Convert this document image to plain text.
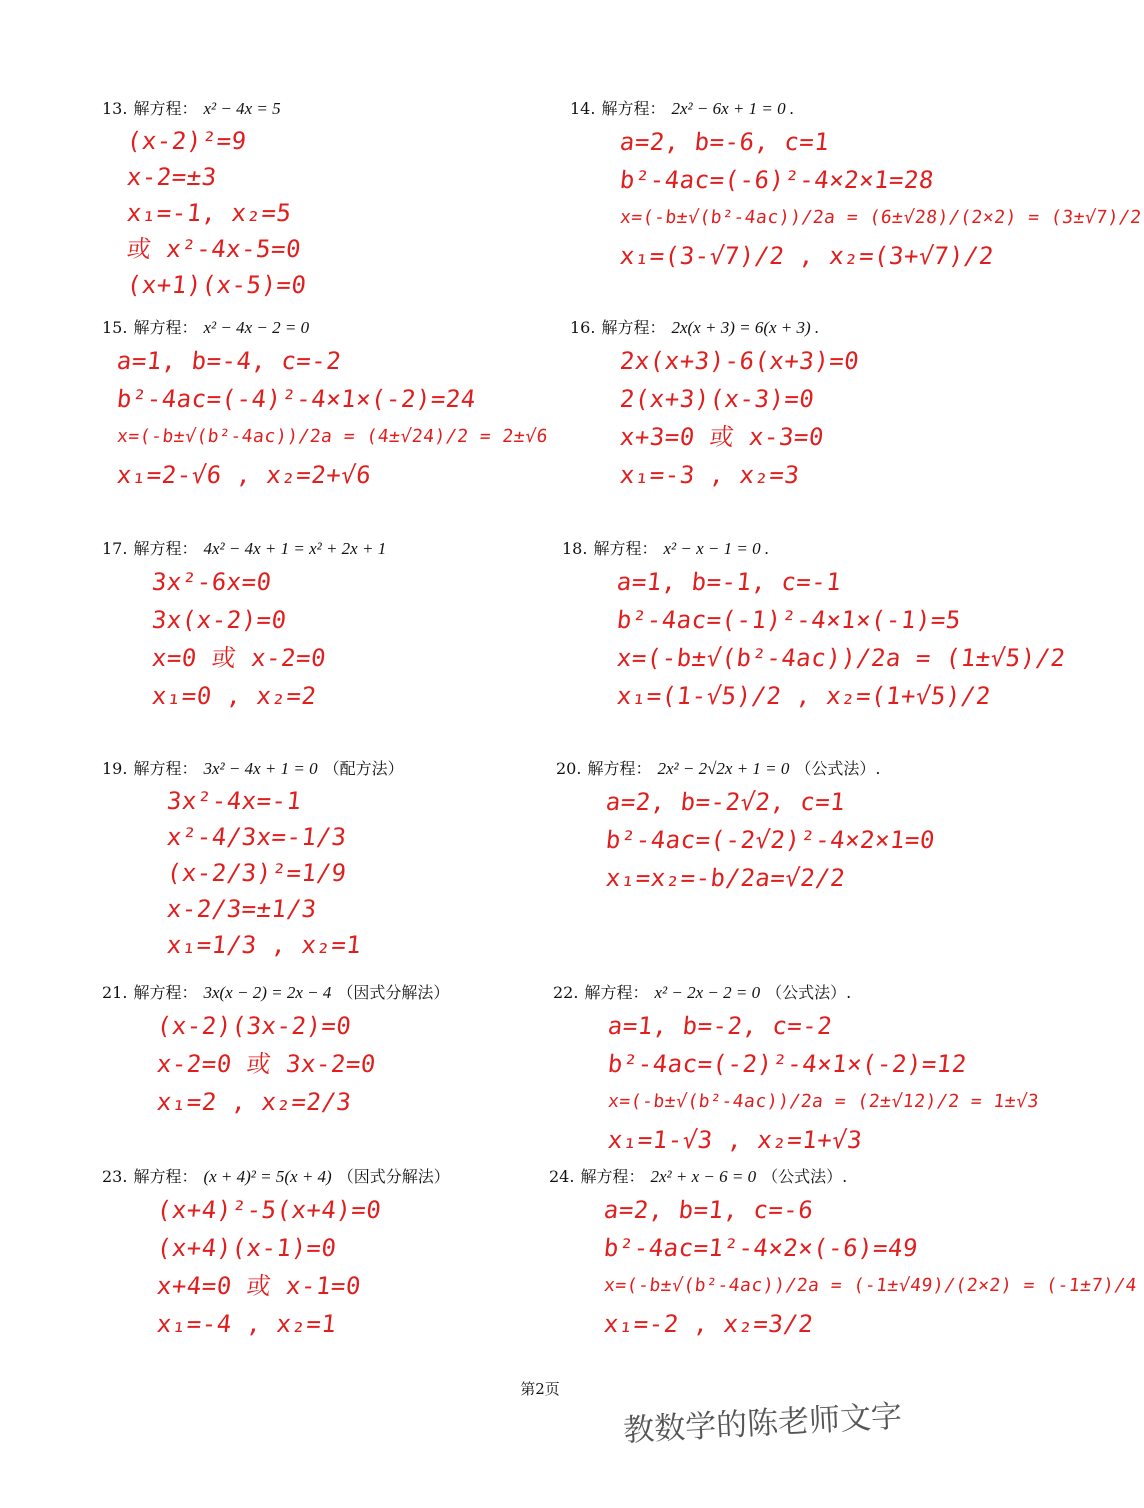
13. 解方程： x² − 4x = 5
(x-2)²=9
x-2=±3
x₁=-1, x₂=5
或 x²-4x-5=0
(x+1)(x-5)=0
14. 解方程： 2x² − 6x + 1 = 0 .
a=2, b=-6, c=1
b²-4ac=(-6)²-4×2×1=28
x=(-b±√(b²-4ac))/2a = (6±√28)/(2×2) = (3±√7)/2
x₁=(3-√7)/2 , x₂=(3+√7)/2
15. 解方程： x² − 4x − 2 = 0
a=1, b=-4, c=-2
b²-4ac=(-4)²-4×1×(-2)=24
x=(-b±√(b²-4ac))/2a = (4±√24)/2 = 2±√6
x₁=2-√6 , x₂=2+√6
16. 解方程： 2x(x + 3) = 6(x + 3) .
2x(x+3)-6(x+3)=0
2(x+3)(x-3)=0
x+3=0 或 x-3=0
x₁=-3 , x₂=3
17. 解方程： 4x² − 4x + 1 = x² + 2x + 1
3x²-6x=0
3x(x-2)=0
x=0 或 x-2=0
x₁=0 , x₂=2
18. 解方程： x² − x − 1 = 0 .
a=1, b=-1, c=-1
b²-4ac=(-1)²-4×1×(-1)=5
x=(-b±√(b²-4ac))/2a = (1±√5)/2
x₁=(1-√5)/2 , x₂=(1+√5)/2
19. 解方程： 3x² − 4x + 1 = 0 （配方法）
3x²-4x=-1
x²-4/3x=-1/3
(x-2/3)²=1/9
x-2/3=±1/3
x₁=1/3 , x₂=1
20. 解方程： 2x² − 2√2x + 1 = 0 （公式法）.
a=2, b=-2√2, c=1
b²-4ac=(-2√2)²-4×2×1=0
x₁=x₂=-b/2a=√2/2
21. 解方程： 3x(x − 2) = 2x − 4 （因式分解法）
(x-2)(3x-2)=0
x-2=0 或 3x-2=0
x₁=2 , x₂=2/3
22. 解方程： x² − 2x − 2 = 0 （公式法）.
a=1, b=-2, c=-2
b²-4ac=(-2)²-4×1×(-2)=12
x=(-b±√(b²-4ac))/2a = (2±√12)/2 = 1±√3
x₁=1-√3 , x₂=1+√3
23. 解方程： (x + 4)² = 5(x + 4) （因式分解法）
(x+4)²-5(x+4)=0
(x+4)(x-1)=0
x+4=0 或 x-1=0
x₁=-4 , x₂=1
24. 解方程： 2x² + x − 6 = 0 （公式法）.
a=2, b=1, c=-6
b²-4ac=1²-4×2×(-6)=49
x=(-b±√(b²-4ac))/2a = (-1±√49)/(2×2) = (-1±7)/4
x₁=-2 , x₂=3/2
第2页
教数学的陈老师文字
